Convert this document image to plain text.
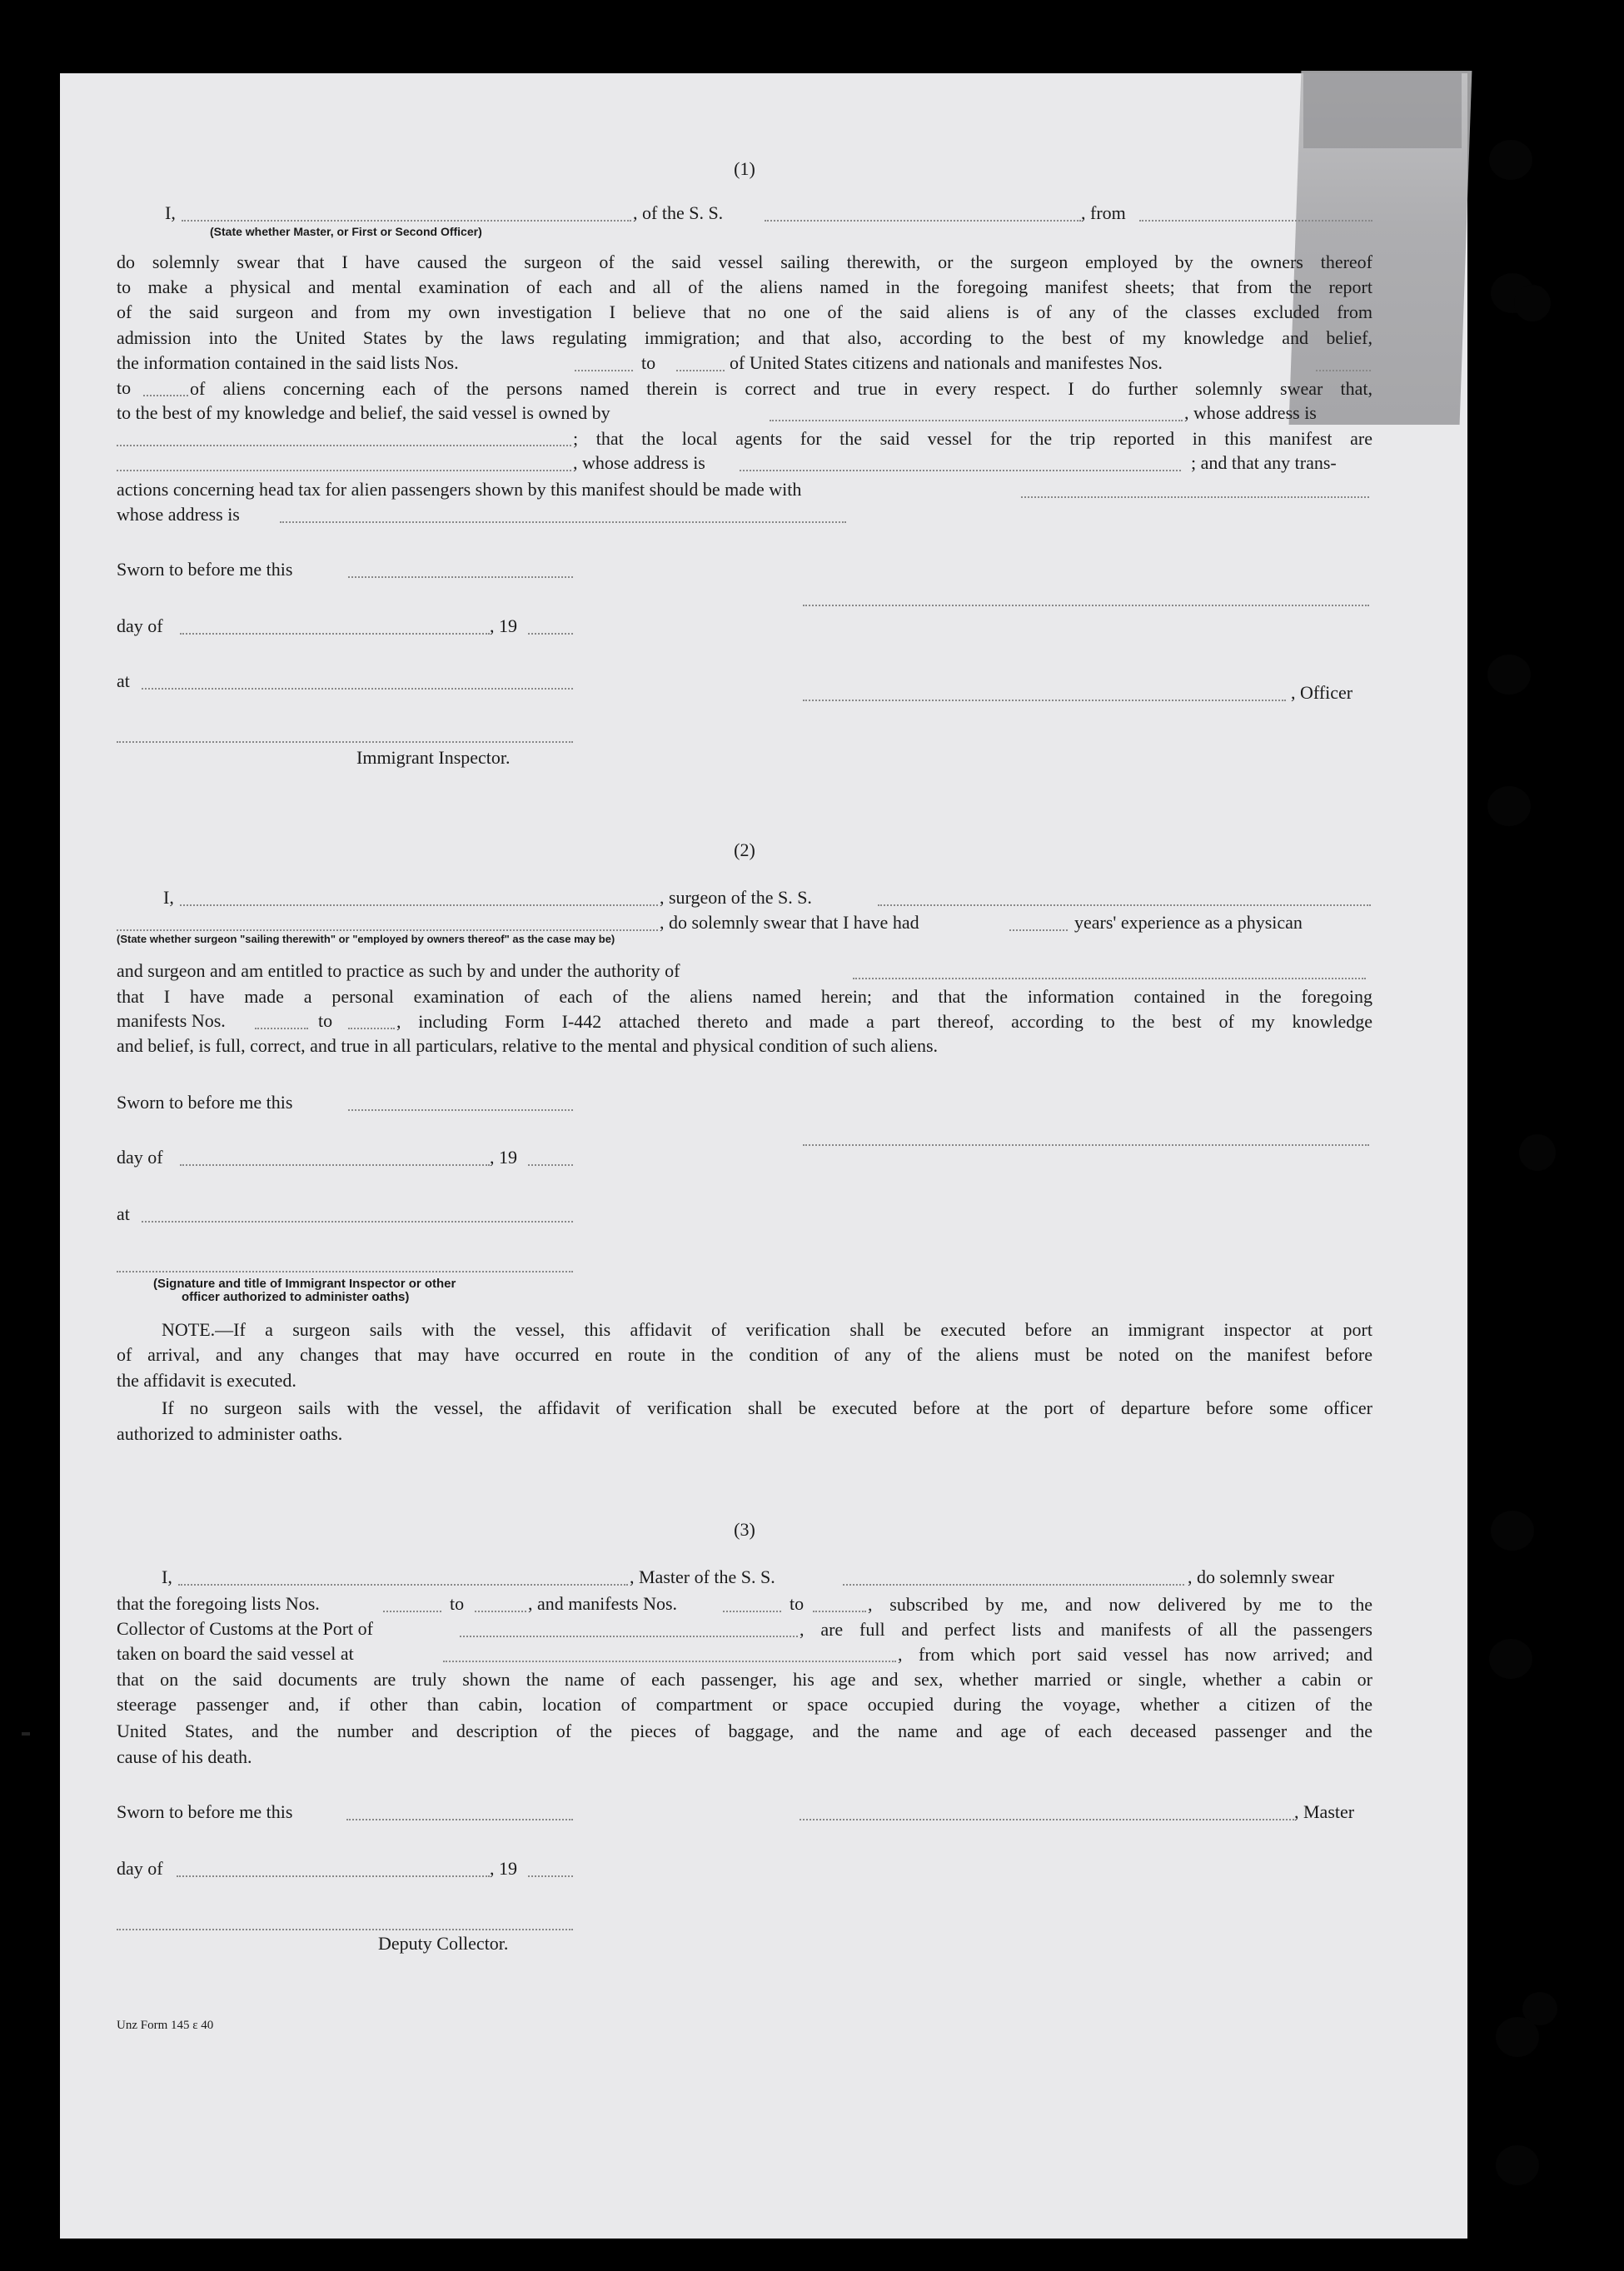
(1)
I,	, of the S. S.	, from
(State whether Master, or First or Second Officer)
do solemnly swear that I have caused the surgeon of the said vessel sailing therewith, or the surgeon employed by the owners thereof
to make a physical and mental examination of each and all of the aliens named in the foregoing manifest sheets; that from the report
of the said surgeon and from my own investigation I believe that no one of the said aliens is of any of the classes excluded from
admission into the United States by the laws regulating immigration; and that also, according to the best of my knowledge and belief,
the information contained in the said lists Nos.	to	of United States citizens and nationals and manifestes Nos.
to	of aliens concerning each of the persons named therein is correct and true in every respect. I do further solemnly swear that,
to the best of my knowledge and belief, the said vessel is owned by	, whose address is
; that the local agents for the said vessel for the trip reported in this manifest are
, whose address is	; and that any trans-
actions concerning head tax for alien passengers shown by this manifest should be made with
whose address is
Sworn to before me this
day of	, 19
at
, Officer
Immigrant Inspector.
(2)
I,	, surgeon of the S. S.
, do solemnly swear that I have had	years' experience as a physican
(State whether surgeon "sailing therewith" or "employed by owners thereof" as the case may be)
and surgeon and am entitled to practice as such by and under the authority of
that I have made a personal examination of each of the aliens named herein; and that the information contained in the foregoing
manifests Nos.	to	, including Form I-442 attached thereto and made a part thereof, according to the best of my knowledge
and belief, is full, correct, and true in all particulars, relative to the mental and physical condition of such aliens.
Sworn to before me this
day of	, 19
at
(Signature and title of Immigrant Inspector or other
officer authorized to administer oaths)
NOTE.—If a surgeon sails with the vessel, this affidavit of verification shall be executed before an immigrant inspector at port
of arrival, and any changes that may have occurred en route in the condition of any of the aliens must be noted on the manifest before
the affidavit is executed.
If no surgeon sails with the vessel, the affidavit of verification shall be executed before at the port of departure before some officer
authorized to administer oaths.
(3)
I,	, Master of the S. S.	, do solemnly swear
that the foregoing lists Nos.	to	, and manifests Nos.	to	, subscribed by me, and now delivered by me to the
Collector of Customs at the Port of	, are full and perfect lists and manifests of all the passengers
taken on board the said vessel at	, from which port said vessel has now arrived; and
that on the said documents are truly shown the name of each passenger, his age and sex, whether married or single, whether a cabin or
steerage passenger and, if other than cabin, location of compartment or space occupied during the voyage, whether a citizen of the
United States, and the number and description of the pieces of baggage, and the name and age of each deceased passenger and the
cause of his death.
Sworn to before me this	, Master
day of	, 19
Deputy Collector.
Unz Form 145 ε 40
